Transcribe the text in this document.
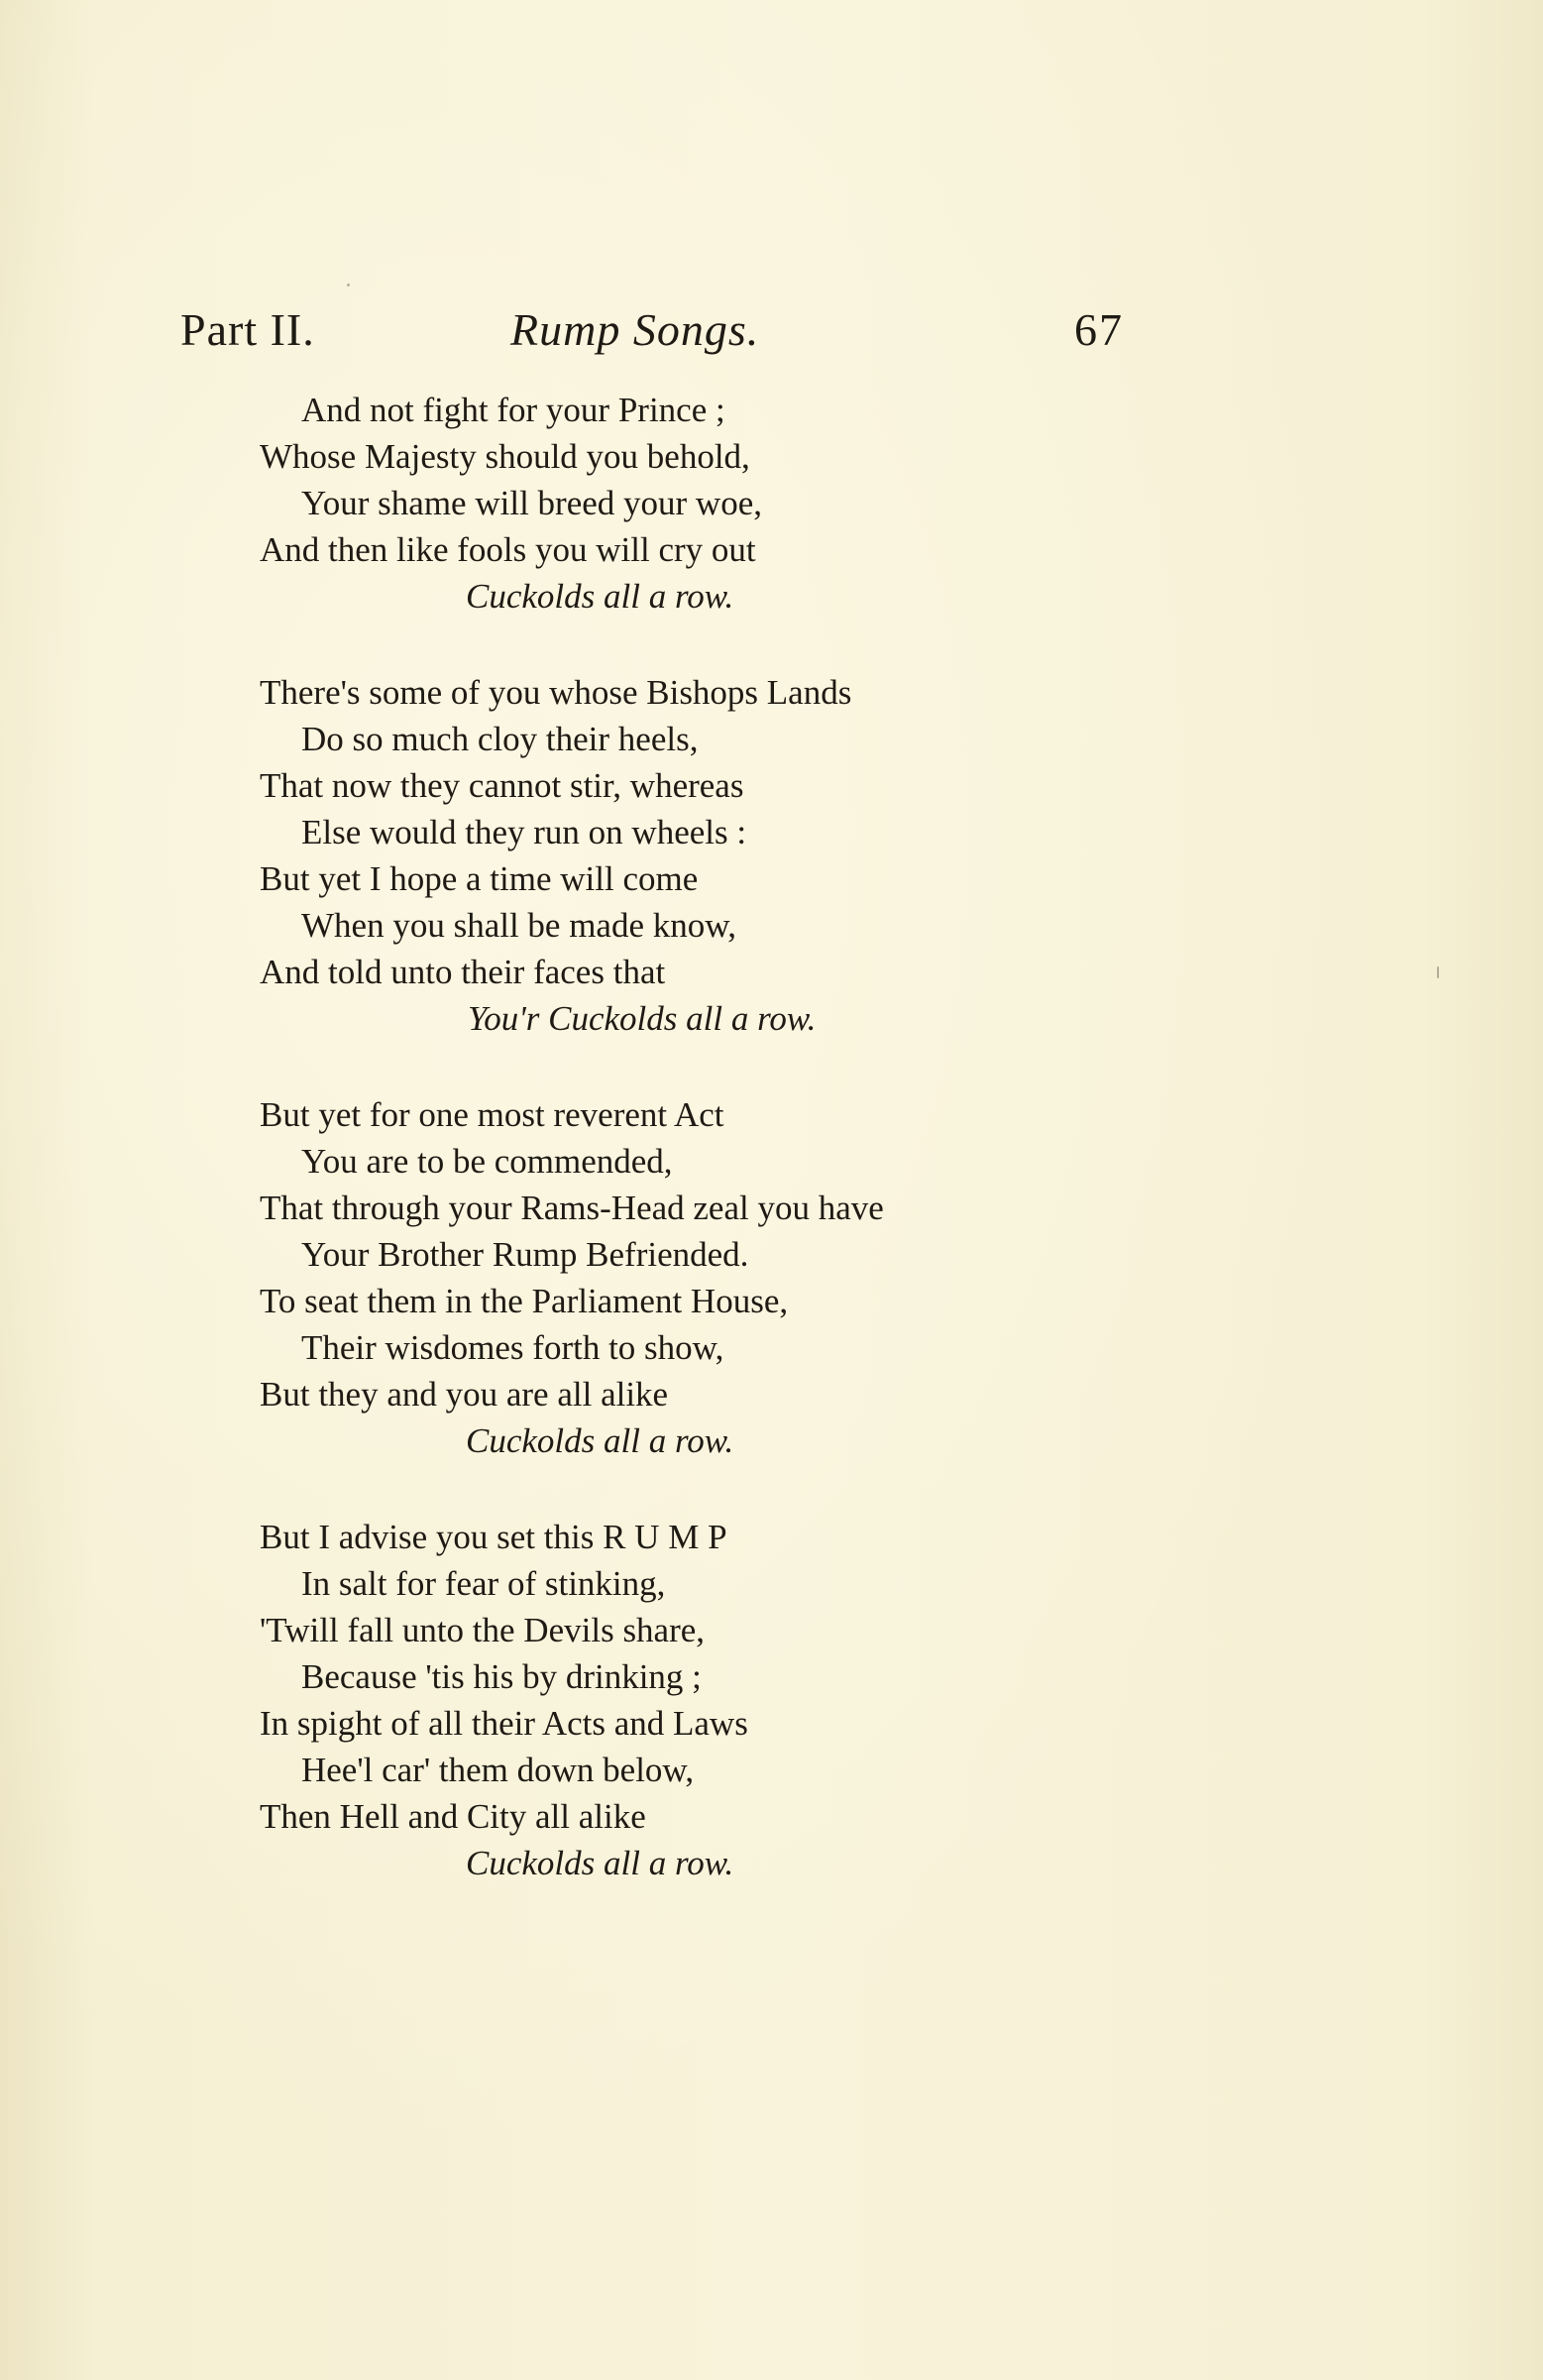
Part II.	Rump Songs.	67
And not fight for your Prince ;
Whose Majesty should you behold,
Your shame will breed your woe,
And then like fools you will cry out
Cuckolds all a row.
There's some of you whose Bishops Lands
Do so much cloy their heels,
That now they cannot stir, whereas
Else would they run on wheels :
But yet I hope a time will come
When you shall be made know,
And told unto their faces that
You'r Cuckolds all a row.
But yet for one most reverent Act
You are to be commended,
That through your Rams-Head zeal you have
Your Brother Rump Befriended.
To seat them in the Parliament House,
Their wisdomes forth to show,
But they and you are all alike
Cuckolds all a row.
But I advise you set this R U M P
In salt for fear of stinking,
'Twill fall unto the Devils share,
Because 'tis his by drinking ;
In spight of all their Acts and Laws
Hee'l car' them down below,
Then Hell and City all alike
Cuckolds all a row.
